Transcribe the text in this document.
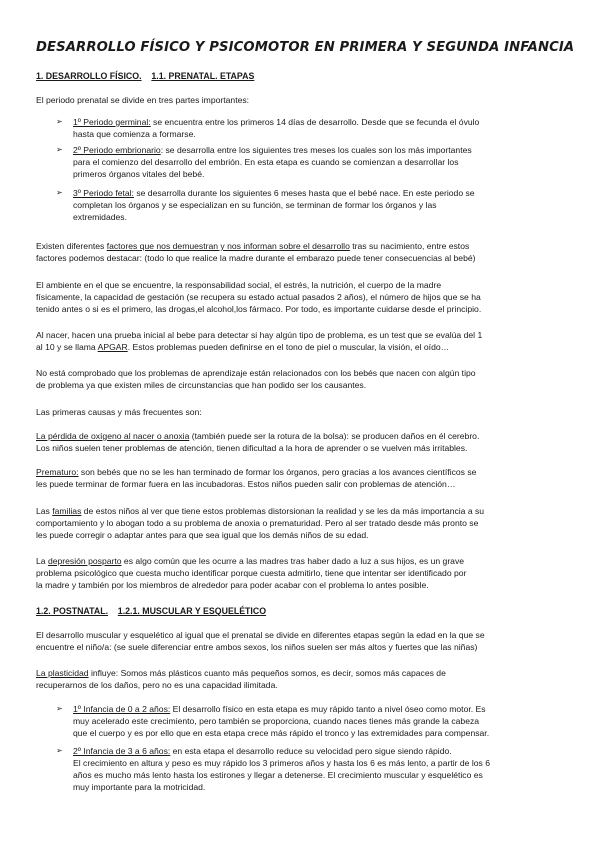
DESARROLLO FÍSICO Y PSICOMOTOR EN PRIMERA Y SEGUNDA INFANCIA
1. DESARROLLO FÍSICO. 1.1. PRENATAL. ETAPAS
El periodo prenatal se divide en tres partes importantes:
➢ 1º Periodo germinal: se encuentra entre los primeros 14 días de desarrollo. Desde que se fecunda el óvulo
hasta que comienza a formarse.
➢ 2º Periodo embrionario: se desarrolla entre los siguientes tres meses los cuales son los más importantes
para el comienzo del desarrollo del embrión. En esta etapa es cuando se comienzan a desarrollar los
primeros órganos vitales del bebé.
➢ 3º Periodo fetal: se desarrolla durante los siguientes 6 meses hasta que el bebé nace. En este periodo se
completan los órganos y se especializan en su función, se terminan de formar los órganos y las
extremidades.
Existen diferentes factores que nos demuestran y nos informan sobre el desarrollo tras su nacimiento, entre estos
factores podemos destacar: (todo lo que realice la madre durante el embarazo puede tener consecuencias al bebé)
El ambiente en el que se encuentre, la responsabilidad social, el estrés, la nutrición, el cuerpo de la madre
físicamente, la capacidad de gestación (se recupera su estado actual pasados 2 años), el número de hijos que se ha
tenido antes o si es el primero, las drogas,el alcohol,los fármaco. Por todo, es importante cuidarse desde el principio.
Al nacer, hacen una prueba inicial al bebe para detectar si hay algún tipo de problema, es un test que se evalúa del 1
al 10 y se llama APGAR. Estos problemas pueden definirse en el tono de piel o muscular, la visión, el oído…
No está comprobado que los problemas de aprendizaje están relacionados con los bebés que nacen con algún tipo
de problema ya que existen miles de circunstancias que han podido ser los causantes.
Las primeras causas y más frecuentes son:
La pérdida de oxígeno al nacer o anoxia (también puede ser la rotura de la bolsa): se producen daños en él cerebro.
Los niños suelen tener problemas de atención, tienen dificultad a la hora de aprender o se vuelven más irritables.
Prematuro: son bebés que no se les han terminado de formar los órganos, pero gracias a los avances científicos se
les puede terminar de formar fuera en las incubadoras. Estos niños pueden salir con problemas de atención…
Las familias de estos niños al ver que tiene estos problemas distorsionan la realidad y se les da más importancia a su
comportamiento y lo abogan todo a su problema de anoxia o prematuridad. Pero al ser tratado desde más pronto se
les puede corregir o adaptar antes para que sea igual que los demás niños de su edad.
La depresión posparto es algo común que les ocurre a las madres tras haber dado a luz a sus hijos, es un grave
problema psicológico que cuesta mucho identificar porque cuesta admitirlo, tiene que intentar ser identificado por
la madre y también por los miembros de alrededor para poder acabar con el problema lo antes posible.
1.2. POSTNATAL. 1.2.1. MUSCULAR Y ESQUELÉTICO
El desarrollo muscular y esquelético al igual que el prenatal se divide en diferentes etapas según la edad en la que se
encuentre el niño/a: (se suele diferenciar entre ambos sexos, los niños suelen ser más altos y fuertes que las niñas)
La plasticidad influye: Somos más plásticos cuanto más pequeños somos, es decir, somos más capaces de
recuperarnos de los daños, pero no es una capacidad ilimitada.
➢ 1º Infancia de 0 a 2 años: El desarrollo físico en esta etapa es muy rápido tanto a nivel óseo como motor. Es
muy acelerado este crecimiento, pero también se proporciona, cuando naces tienes más grande la cabeza
que el cuerpo y es por ello que en esta etapa crece más rápido el tronco y las extremidades para compensar.
➢ 2º Infancia de 3 a 6 años: en esta etapa el desarrollo reduce su velocidad pero sigue siendo rápido.
El crecimiento en altura y peso es muy rápido los 3 primeros años y hasta los 6 es más lento, a partir de los 6
años es mucho más lento hasta los estirones y llegar a detenerse. El crecimiento muscular y esquelético es
muy importante para la motricidad.
